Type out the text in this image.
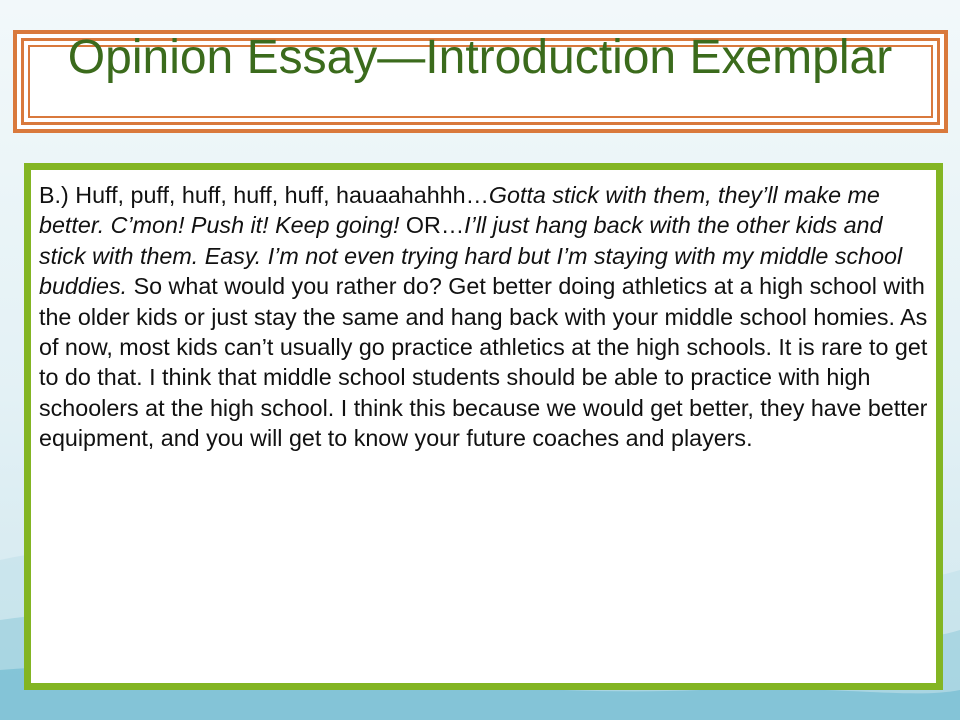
Opinion Essay—Introduction Exemplar

B.) Huff, puff, huff, huff, huff, hauaahahhh…Gotta stick with them, they’ll make me better. C’mon! Push it! Keep going! OR…I’ll just hang back with the other kids and stick with them. Easy. I’m not even trying hard but I’m staying with my middle school buddies. So what would you rather do? Get better doing athletics at a high school with the older kids or just stay the same and hang back with your middle school homies. As of now, most kids can’t usually go practice athletics at the high schools. It is rare to get to do that. I think that middle school students should be able to practice with high schoolers at the high school. I think this because we would get better, they have better equipment, and you will get to know your future coaches and players.
